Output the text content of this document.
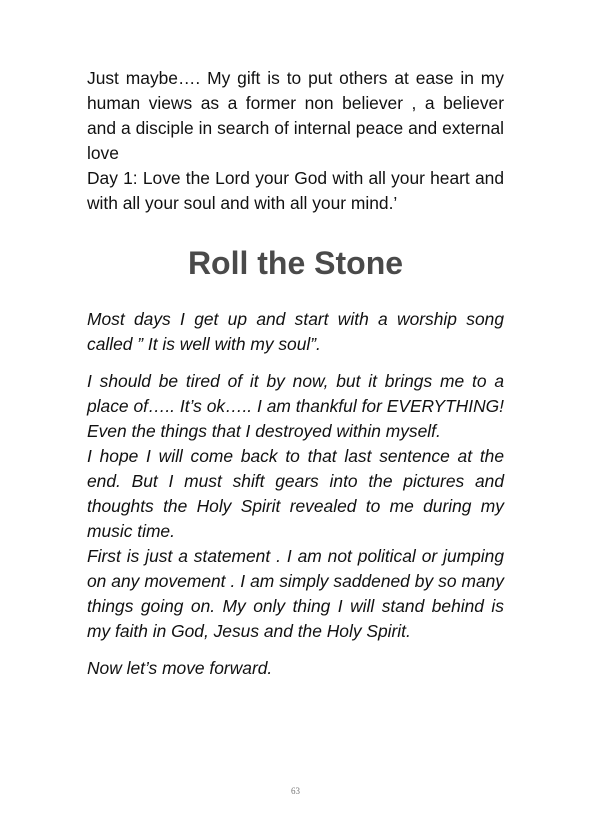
Just maybe…. My gift is to put others at ease in my human views as a former non believer , a believer and a disciple in search of internal peace and external love

Day 1: Love the Lord your God with all your heart and with all your soul and with all your mind.’

Roll the Stone

Most days I get up and start with a worship song called ” It is well with my soul”.

I should be tired of it by now, but it brings me to a place of….. It’s ok….. I am thankful for EVERYTHING! Even the things that I destroyed within myself.

I hope I will come back to that last sentence at the end. But I must shift gears into the pictures and thoughts the Holy Spirit revealed to me during my music time.

First is just a statement . I am not political or jumping on any movement . I am simply saddened by so many things going on. My only thing I will stand behind is my faith in God, Jesus and the Holy Spirit.

Now let’s move forward.

63
